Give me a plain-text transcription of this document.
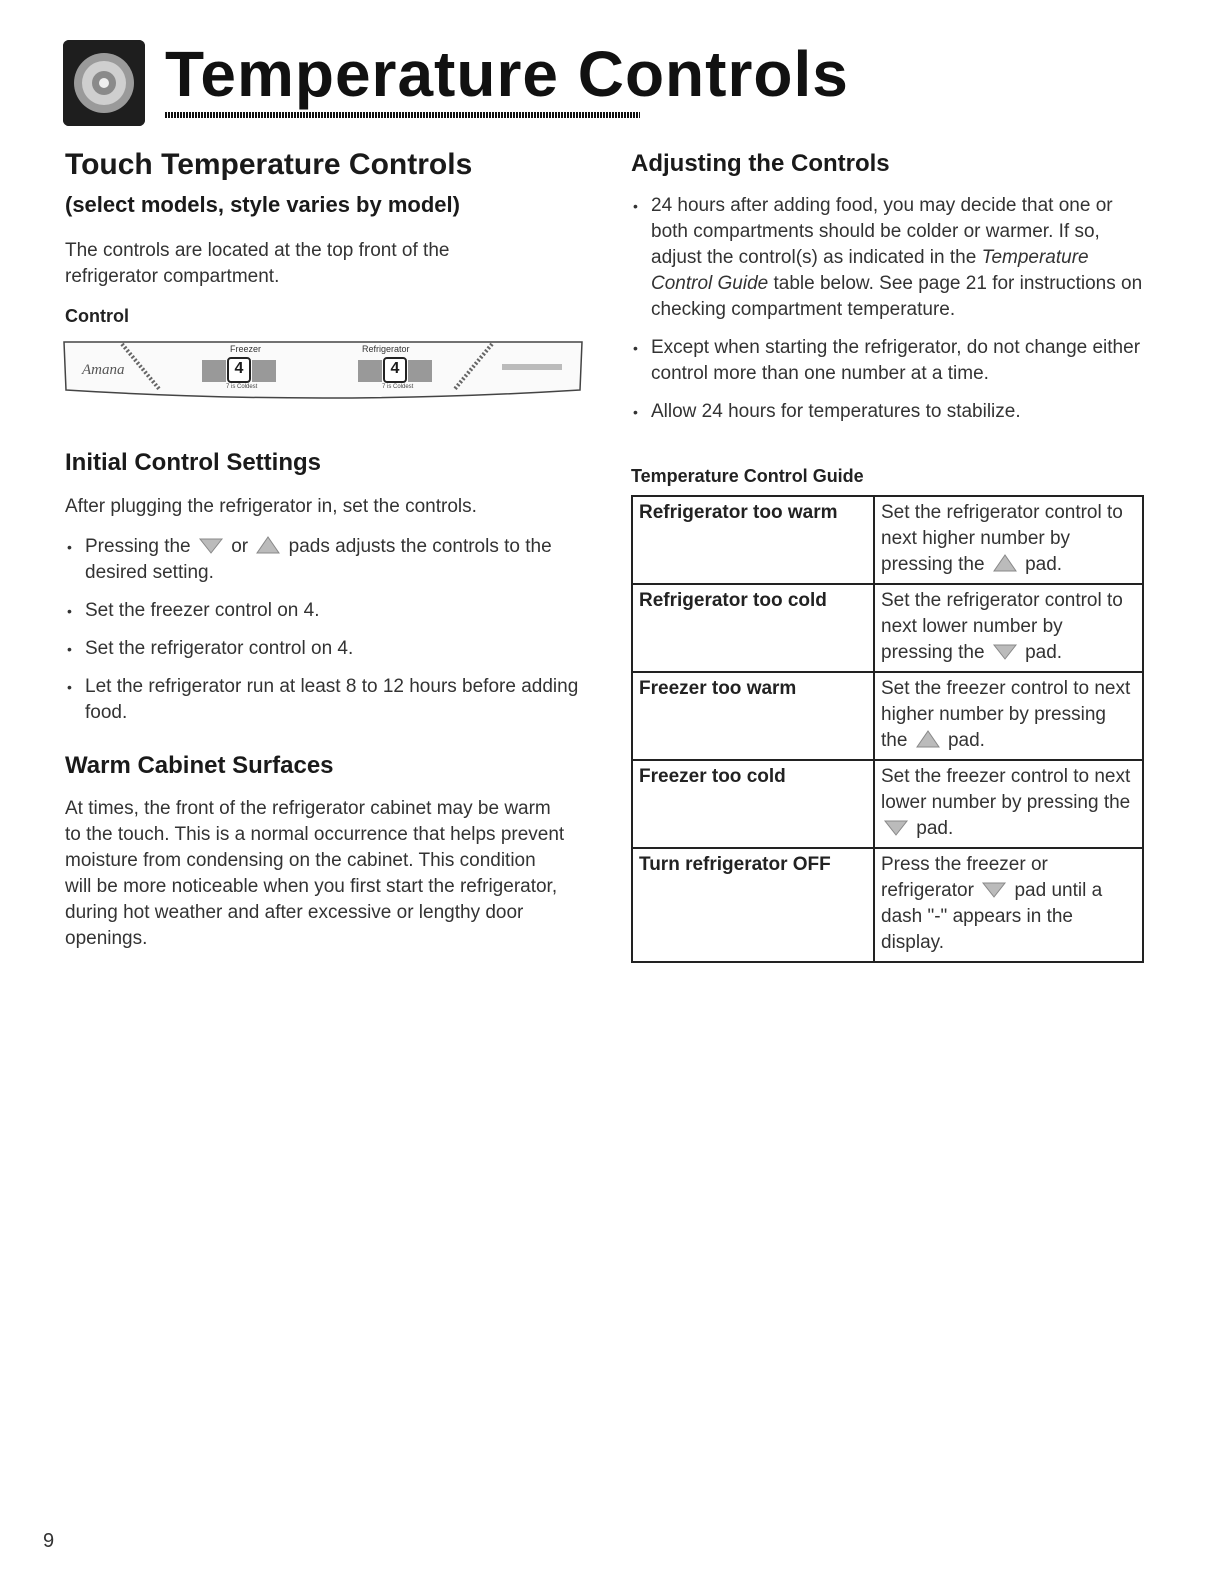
Temperature Controls
Touch Temperature Controls
(select models, style varies by model)

The controls are located at the top front of the refrigerator compartment.

Control
Amana
Freezer	Refrigerator
4	4
7 is Coldest	7 is Coldest
Initial Control Settings

After plugging the refrigerator in, set the controls.

• Pressing the or pads adjusts the controls to the desired setting.
• Set the freezer control on 4.
• Set the refrigerator control on 4.
• Let the refrigerator run at least 8 to 12 hours before adding food.
Warm Cabinet Surfaces

At times, the front of the refrigerator cabinet may be warm to the touch. This is a normal occurrence that helps prevent moisture from condensing on the cabinet. This condition will be more noticeable when you first start the refrigerator, during hot weather and after excessive or lengthy door openings.

Adjusting the Controls
• 24 hours after adding food, you may decide that one or both compartments should be colder or warmer. If so, adjust the control(s) as indicated in the Temperature Control Guide table below. See page 21 for instructions on checking compartment temperature.
• Except when starting the refrigerator, do not change either control more than one number at a time.
• Allow 24 hours for temperatures to stabilize.
Temperature Control Guide
Refrigerator too warm	Set the refrigerator control to next higher number by pressing the pad.
Refrigerator too cold	Set the refrigerator control to next lower number by pressing the pad.
Freezer too warm	Set the freezer control to next higher number by pressing the pad.
Freezer too cold	Set the freezer control to next lower number by pressing the  pad.
Turn refrigerator OFF	Press the freezer or refrigerator pad until a dash "-" appears in the display.
9
